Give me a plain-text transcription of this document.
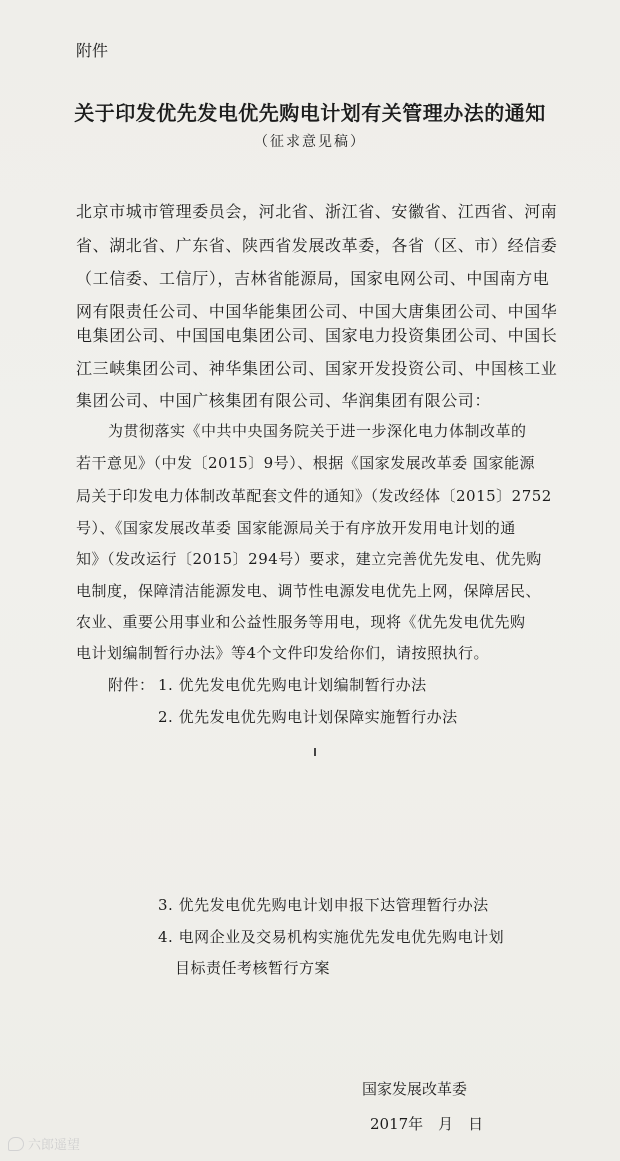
附件
关于印发优先发电优先购电计划有关管理办法的通知
（征求意见稿）
北京市城市管理委员会，河北省、浙江省、安徽省、江西省、河南
省、湖北省、广东省、陕西省发展改革委，各省（区、市）经信委
（工信委、工信厅），吉林省能源局，国家电网公司、中国南方电
网有限责任公司、中国华能集团公司、中国大唐集团公司、中国华
电集团公司、中国国电集团公司、国家电力投资集团公司、中国长
江三峡集团公司、神华集团公司、国家开发投资公司、中国核工业
集团公司、中国广核集团有限公司、华润集团有限公司：
为贯彻落实《中共中央国务院关于进一步深化电力体制改革的
若干意见》（中发〔2015〕9号）、根据《国家发展改革委 国家能源
局关于印发电力体制改革配套文件的通知》（发改经体〔2015〕2752
号）、《国家发展改革委 国家能源局关于有序放开发用电计划的通
知》（发改运行〔2015〕294号）要求，建立完善优先发电、优先购
电制度，保障清洁能源发电、调节性电源发电优先上网，保障居民、
农业、重要公用事业和公益性服务等用电，现将《优先发电优先购
电计划编制暂行办法》等4个文件印发给你们，请按照执行。
附件： 1. 优先发电优先购电计划编制暂行办法
2. 优先发电优先购电计划保障实施暂行办法
3. 优先发电优先购电计划申报下达管理暂行办法
4. 电网企业及交易机构实施优先发电优先购电计划
目标责任考核暂行方案
国家发展改革委
2017年　月　日
六郎遥望
